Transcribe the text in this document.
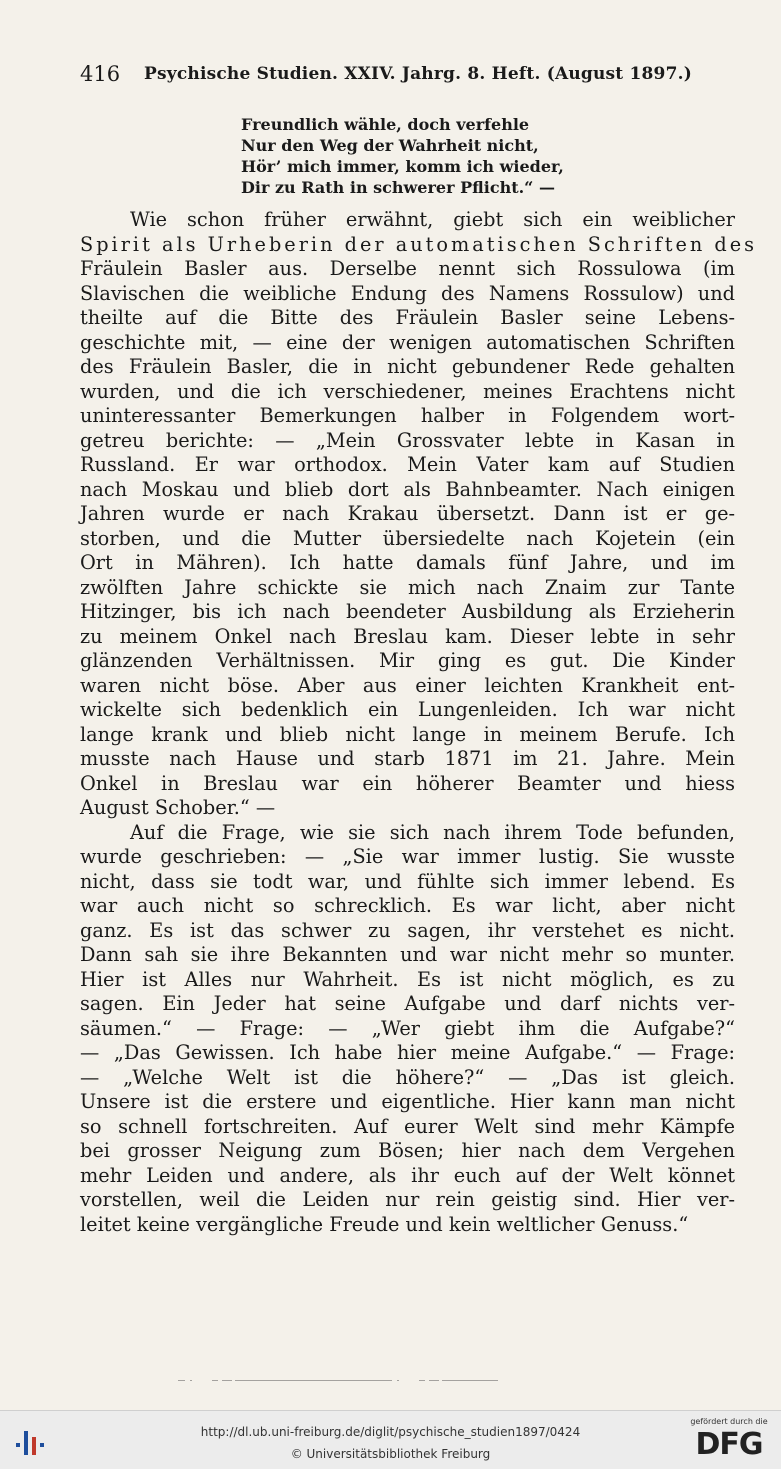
416 Psychische Studien. XXIV. Jahrg. 8. Heft. (August 1897.)
Freundlich wähle, doch verfehle
Nur den Weg der Wahrheit nicht,
Hör’ mich immer, komm ich wieder,
Dir zu Rath in schwerer Pflicht.“ —
Wie schon früher erwähnt, giebt sich ein weiblicher
Spirit als Urheberin der automatischen Schriften des
Fräulein Basler aus. Derselbe nennt sich Rossulowa (im
Slavischen die weibliche Endung des Namens Rossulow) und
theilte auf die Bitte des Fräulein Basler seine Lebens-
geschichte mit, — eine der wenigen automatischen Schriften
des Fräulein Basler, die in nicht gebundener Rede gehalten
wurden, und die ich verschiedener, meines Erachtens nicht
uninteressanter Bemerkungen halber in Folgendem wort-
getreu berichte: — „Mein Grossvater lebte in Kasan in
Russland. Er war orthodox. Mein Vater kam auf Studien
nach Moskau und blieb dort als Bahnbeamter. Nach einigen
Jahren wurde er nach Krakau übersetzt. Dann ist er ge-
storben, und die Mutter übersiedelte nach Kojetein (ein
Ort in Mähren). Ich hatte damals fünf Jahre, und im
zwölften Jahre schickte sie mich nach Znaim zur Tante
Hitzinger, bis ich nach beendeter Ausbildung als Erzieherin
zu meinem Onkel nach Breslau kam. Dieser lebte in sehr
glänzenden Verhältnissen. Mir ging es gut. Die Kinder
waren nicht böse. Aber aus einer leichten Krankheit ent-
wickelte sich bedenklich ein Lungenleiden. Ich war nicht
lange krank und blieb nicht lange in meinem Berufe. Ich
musste nach Hause und starb 1871 im 21. Jahre. Mein
Onkel in Breslau war ein höherer Beamter und hiess
August Schober.“ —
Auf die Frage, wie sie sich nach ihrem Tode befunden,
wurde geschrieben: — „Sie war immer lustig. Sie wusste
nicht, dass sie todt war, und fühlte sich immer lebend. Es
war auch nicht so schrecklich. Es war licht, aber nicht
ganz. Es ist das schwer zu sagen, ihr verstehet es nicht.
Dann sah sie ihre Bekannten und war nicht mehr so munter.
Hier ist Alles nur Wahrheit. Es ist nicht möglich, es zu
sagen. Ein Jeder hat seine Aufgabe und darf nichts ver-
säumen.“ — Frage: — „Wer giebt ihm die Aufgabe?“
— „Das Gewissen. Ich habe hier meine Aufgabe.“ — Frage:
— „Welche Welt ist die höhere?“ — „Das ist gleich.
Unsere ist die erstere und eigentliche. Hier kann man nicht
so schnell fortschreiten. Auf eurer Welt sind mehr Kämpfe
bei grosser Neigung zum Bösen; hier nach dem Vergehen
mehr Leiden und andere, als ihr euch auf der Welt könnet
vorstellen, weil die Leiden nur rein geistig sind. Hier ver-
leitet keine vergängliche Freude und kein weltlicher Genuss.“
http://dl.ub.uni-freiburg.de/diglit/psychische_studien1897/0424
© Universitätsbibliothek Freiburg
gefördert durch die
DFG
